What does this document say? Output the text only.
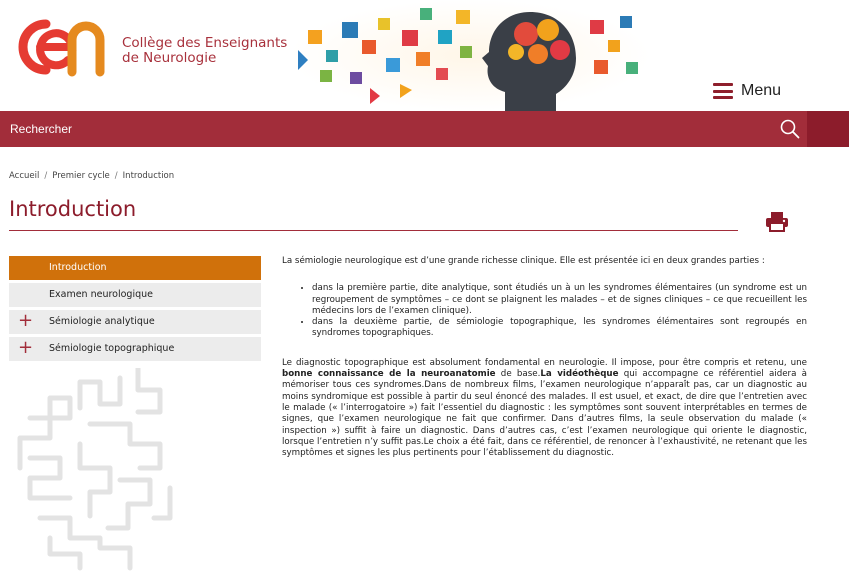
Collège des Enseignants
de Neurologie
Menu
Rechercher
Accueil / Premier cycle / Introduction
Introduction
Introduction
Examen neurologique
+ Sémiologie analytique
+ Sémiologie topographique

La sémiologie neurologique est d’une grande richesse clinique. Elle est présentée ici en deux grandes parties :

• dans la première partie, dite analytique, sont étudiés un à un les syndromes élémentaires (un syndrome est un regroupement de symptômes – ce dont se plaignent les malades – et de signes cliniques – ce que recueillent les médecins lors de l’examen clinique).
• dans la deuxième partie, de sémiologie topographique, les syndromes élémentaires sont regroupés en syndromes topographiques.

Le diagnostic topographique est absolument fondamental en neurologie. Il impose, pour être compris et retenu, une bonne connaissance de la neuroanatomie de base.La vidéothèque qui accompagne ce référentiel aidera à mémoriser tous ces syndromes.Dans de nombreux films, l’examen neurologique n’apparaît pas, car un diagnostic au moins syndromique est possible à partir du seul énoncé des malades. Il est usuel, et exact, de dire que l’entretien avec le malade (« l’interrogatoire ») fait l’essentiel du diagnostic : les symptômes sont souvent interprétables en termes de signes, que l’examen neurologique ne fait que confirmer. Dans d’autres films, la seule observation du malade (« inspection ») suffit à faire un diagnostic. Dans d’autres cas, c’est l’examen neurologique qui oriente le diagnostic, lorsque l’entretien n’y suffit pas.Le choix a été fait, dans ce référentiel, de renoncer à l’exhaustivité, ne retenant que les symptômes et signes les plus pertinents pour l’établissement du diagnostic.
